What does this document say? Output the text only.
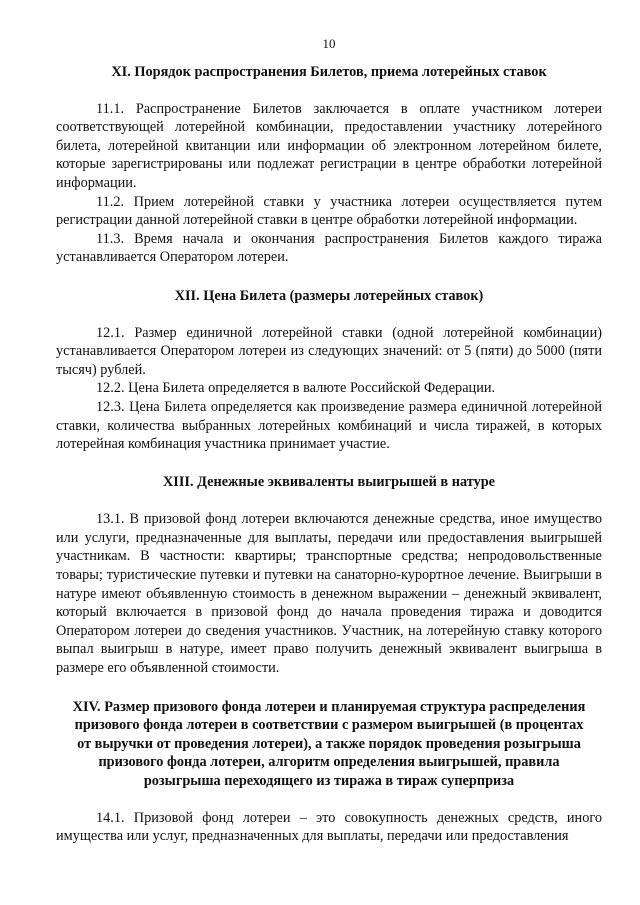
10
XI. Порядок распространения Билетов, приема лотерейных ставок

11.1. Распространение Билетов заключается в оплате участником лотереи соответствующей лотерейной комбинации, предоставлении участнику лотерейного билета, лотерейной квитанции или информации об электронном лотерейном билете, которые зарегистрированы или подлежат регистрации в центре обработки лотерейной информации.

11.2. Прием лотерейной ставки у участника лотереи осуществляется путем регистрации данной лотерейной ставки в центре обработки лотерейной информации.

11.3. Время начала и окончания распространения Билетов каждого тиража устанавливается Оператором лотереи.

XII. Цена Билета (размеры лотерейных ставок)

12.1. Размер единичной лотерейной ставки (одной лотерейной комбинации) устанавливается Оператором лотереи из следующих значений: от 5 (пяти) до 5000 (пяти тысяч) рублей.

12.2. Цена Билета определяется в валюте Российской Федерации.

12.3. Цена Билета определяется как произведение размера единичной лотерейной ставки, количества выбранных лотерейных комбинаций и числа тиражей, в которых лотерейная комбинация участника принимает участие.

XIII. Денежные эквиваленты выигрышей в натуре

13.1. В призовой фонд лотереи включаются денежные средства, иное имущество или услуги, предназначенные для выплаты, передачи или предоставления выигрышей участникам. В частности: квартиры; транспортные средства; непродовольственные товары; туристические путевки и путевки на санаторно-курортное лечение. Выигрыши в натуре имеют объявленную стоимость в денежном выражении – денежный эквивалент, который включается в призовой фонд до начала проведения тиража и доводится Оператором лотереи до сведения участников. Участник, на лотерейную ставку которого выпал выигрыш в натуре, имеет право получить денежный эквивалент выигрыша в размере его объявленной стоимости.

XIV. Размер призового фонда лотереи и планируемая структура распределения
призового фонда лотереи в соответствии с размером выигрышей (в процентах
от выручки от проведения лотереи), а также порядок проведения розыгрыша
призового фонда лотереи, алгоритм определения выигрышей, правила
розыгрыша переходящего из тиража в тираж суперприза

14.1. Призовой фонд лотереи – это совокупность денежных средств, иного имущества или услуг, предназначенных для выплаты, передачи или предоставления
